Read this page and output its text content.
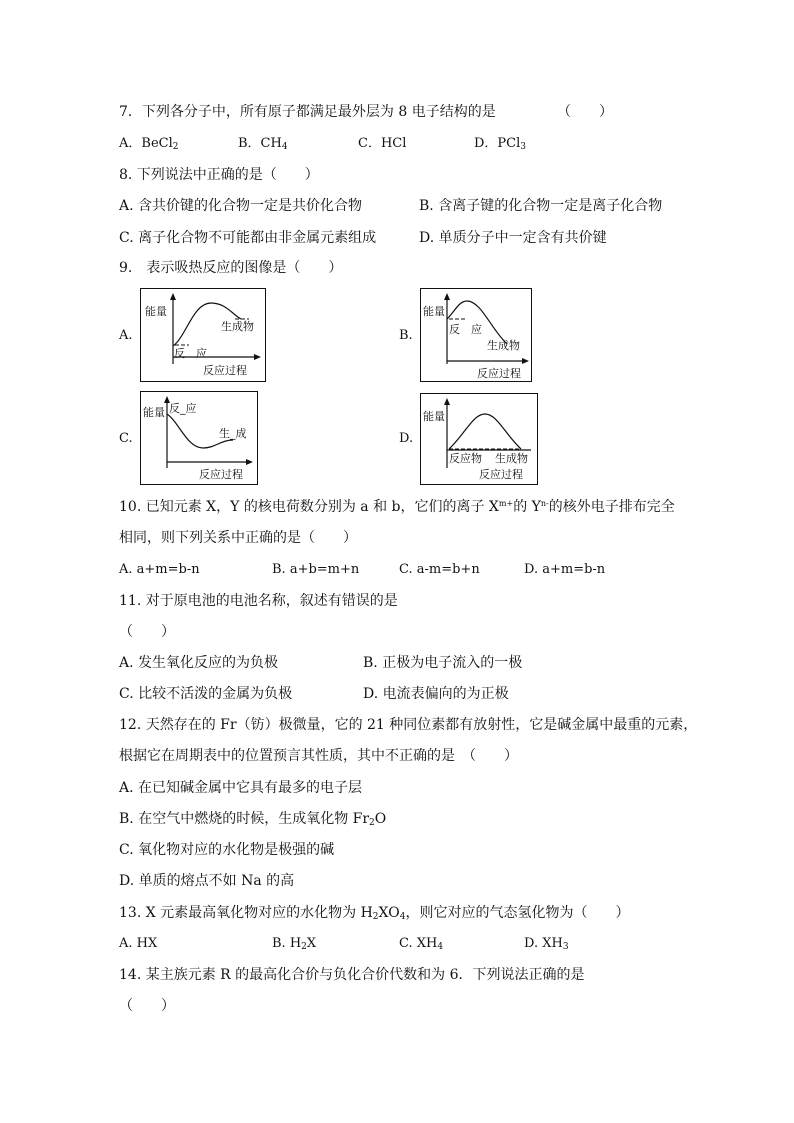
7．下列各分子中，所有原子都满足最外层为 8 电子结构的是	（　　）
A．BeCl$_2$	B．$CH_4$	C．HCl	D．PCl$_3$
8. 下列说法中正确的是（　　）
A. 含共价键的化合物一定是共价化合物	B. 含离子键的化合物一定是离子化合物
C. 离子化合物不可能都由非金属元素组成	D. 单质分子中一定含有共价键
9.　表示吸热反应的图像是（　　）
A.
能量
生成物
反　应
反应过程
B.
能量
反　应
生成物
反应过程
C.
能量 反_应
生_成
反应过程
D.
能量
反应物 生成物
反应过程
10. 已知元素 X，Y 的核电荷数分别为 a 和 b，它们的离子 $X^{m+}$的 $Y^{n-}$的核外电子排布完全
相同，则下列关系中正确的是（　　）
A. a+m=b-n	B. a+b=m+n	C. a-m=b+n	D. a+m=b-n
11. 对于原电池的电池名称，叙述有错误的是
（　　）
A. 发生氧化反应的为负极	B. 正极为电子流入的一极
C. 比较不活泼的金属为负极	D. 电流表偏向的为正极
12. 天然存在的 Fr（钫）极微量，它的 21 种同位素都有放射性，它是碱金属中最重的元素，
根据它在周期表中的位置预言其性质，其中不正确的是　（　　）
A. 在已知碱金属中它具有最多的电子层
B. 在空气中燃烧的时候，生成氧化物 $Fr_2O$
C. 氧化物对应的水化物是极强的碱
D. 单质的熔点不如 Na 的高
13. X 元素最高氧化物对应的水化物为 $H_2XO_4$，则它对应的气态氢化物为（　　）
A. HX	B. $H_2X$	C. $XH_4$	D. $XH_3$
14. 某主族元素 R 的最高化合价与负化合价代数和为 6．下列说法正确的是
（　　）
